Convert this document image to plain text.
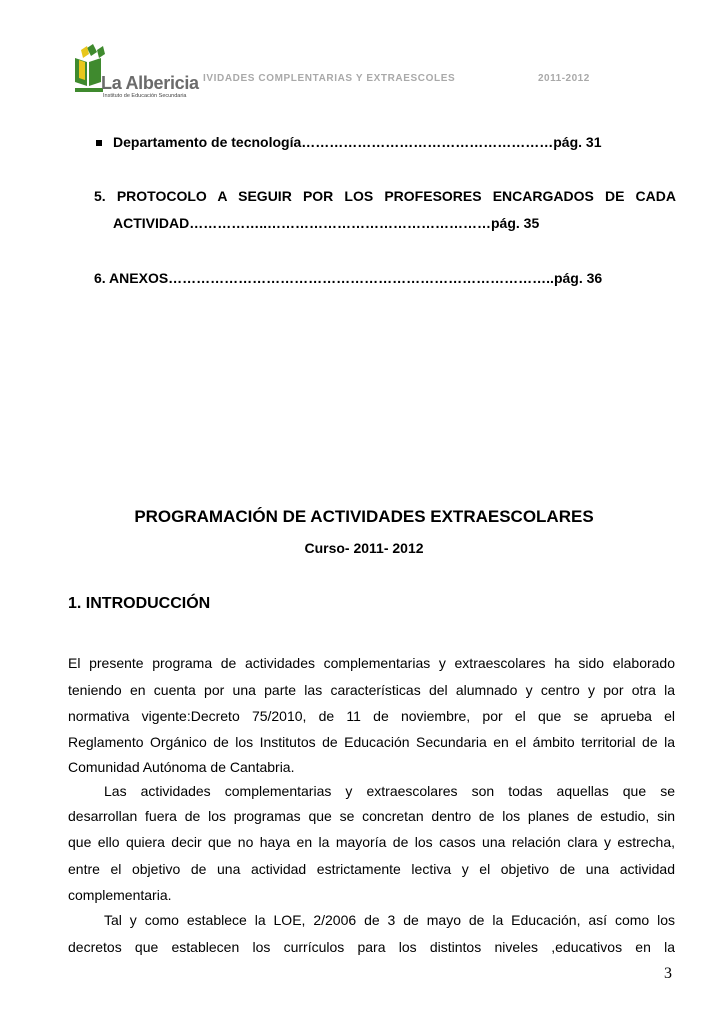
La Albericia
Instituto de Educación Secundaria
IVIDADES COMPLENTARIAS Y EXTRAESCOLES	2011-2012
Departamento de tecnología………………………………………………pág. 31
5. PROTOCOLO A SEGUIR POR LOS PROFESORES ENCARGADOS DE CADA
ACTIVIDAD……………..…………………………………………pág. 35
6. ANEXOS………………………………………………………………………..pág. 36
PROGRAMACIÓN DE ACTIVIDADES EXTRAESCOLARES
Curso- 2011- 2012
1. INTRODUCCIÓN
El presente programa de actividades complementarias y extraescolares ha sido elaborado
teniendo en cuenta por una parte las características del alumnado y centro y por otra la
normativa vigente:Decreto 75/2010, de 11 de noviembre, por el que se aprueba el
Reglamento Orgánico de los Institutos de Educación Secundaria en el ámbito territorial de la
Comunidad Autónoma de Cantabria.
Las actividades complementarias y extraescolares son todas aquellas que se
desarrollan fuera de los programas que se concretan dentro de los planes de estudio, sin
que ello quiera decir que no haya en la mayoría de los casos una relación clara y estrecha,
entre el objetivo de una actividad estrictamente lectiva y el objetivo de una actividad
complementaria.
Tal y como establece la LOE, 2/2006 de 3 de mayo de la Educación, así como los
decretos que establecen los currículos para los distintos niveles ,educativos en la
3
